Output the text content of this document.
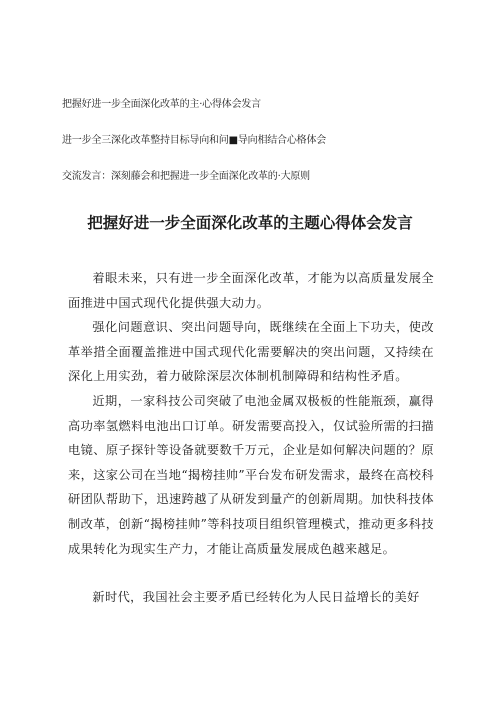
把握好进一步全面深化改革的主·心得体会发言

进一步全三深化改革整持目标导向和问■导向相结合心格体会

交流发言：深刻藤会和把握进一步全面深化改革的·大原则

把握好进一步全面深化改革的主题心得体会发言

着眼未来，只有进一步全面深化改革，才能为以高质量发展全面推进中国式现代化提供强大动力。

强化问题意识、突出问题导向，既继续在全面上下功夫，使改革举措全面覆盖推进中国式现代化需要解决的突出问题，又持续在深化上用实劲，着力破除深层次体制机制障碍和结构性矛盾。

近期，一家科技公司突破了电池金属双极板的性能瓶颈，赢得高功率氢燃料电池出口订单。研发需要高投入，仅试验所需的扫描电镜、原子探针等设备就要数千万元，企业是如何解决问题的？原来，这家公司在当地“揭榜挂帅”平台发布研发需求，最终在高校科研团队帮助下，迅速跨越了从研发到量产的创新周期。加快科技体制改革，创新“揭榜挂帅”等科技项目组织管理模式，推动更多科技成果转化为现实生产力，才能让高质量发展成色越来越足。

新时代，我国社会主要矛盾已经转化为人民日益增长的美好
